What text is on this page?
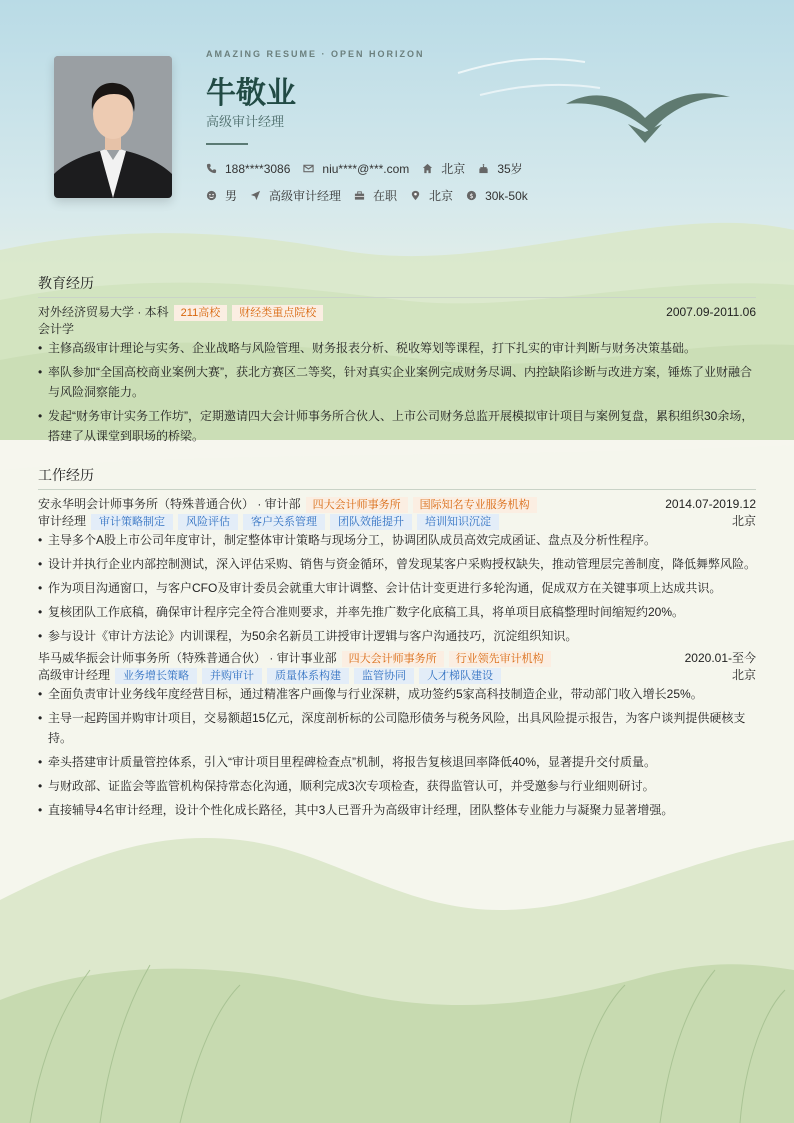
AMAZING RESUME · OPEN HORIZON
牛敬业
高级审计经理
188****3086	niu****@***.com	北京	35岁
男	高级审计经理	在职	北京 $ 30k-50k
教育经历
对外经济贸易大学 · 本科	211高校	财经类重点院校	2007.09-2011.06
会计学
• 主修高级审计理论与实务、企业战略与风险管理、财务报表分析、税收筹划等课程，打下扎实的审计判断与财务决策基础。
• 率队参加“全国高校商业案例大赛”，获北方赛区二等奖，针对真实企业案例完成财务尽调、内控缺陷诊断与改进方案，锤炼了业财融合与风险洞察能力。
• 发起“财务审计实务工作坊”，定期邀请四大会计师事务所合伙人、上市公司财务总监开展模拟审计项目与案例复盘，累积组织30余场，搭建了从课堂到职场的桥梁。
工作经历
安永华明会计师事务所（特殊普通合伙） · 审计部	四大会计师事务所	国际知名专业服务机构	2014.07-2019.12
审计经理	审计策略制定	风险评估	客户关系管理	团队效能提升	培训知识沉淀	北京
• 主导多个A股上市公司年度审计，制定整体审计策略与现场分工，协调团队成员高效完成函证、盘点及分析性程序。
• 设计并执行企业内部控制测试，深入评估采购、销售与资金循环，曾发现某客户采购授权缺失，推动管理层完善制度，降低舞弊风险。
• 作为项目沟通窗口，与客户CFO及审计委员会就重大审计调整、会计估计变更进行多轮沟通，促成双方在关键事项上达成共识。
• 复核团队工作底稿，确保审计程序完全符合准则要求，并率先推广数字化底稿工具，将单项目底稿整理时间缩短约20%。
• 参与设计《审计方法论》内训课程，为50余名新员工讲授审计逻辑与客户沟通技巧，沉淀组织知识。
毕马威华振会计师事务所（特殊普通合伙） · 审计事业部	四大会计师事务所	行业领先审计机构	2020.01-至今
高级审计经理	业务增长策略	并购审计	质量体系构建	监管协同	人才梯队建设	北京
• 全面负责审计业务线年度经营目标，通过精准客户画像与行业深耕，成功签约5家高科技制造企业，带动部门收入增长25%。
• 主导一起跨国并购审计项目，交易额超15亿元，深度剖析标的公司隐形债务与税务风险，出具风险提示报告，为客户谈判提供硬核支持。
• 牵头搭建审计质量管控体系，引入“审计项目里程碑检查点”机制，将报告复核退回率降低40%，显著提升交付质量。
• 与财政部、证监会等监管机构保持常态化沟通，顺利完成3次专项检查，获得监管认可，并受邀参与行业细则研讨。
• 直接辅导4名审计经理，设计个性化成长路径，其中3人已晋升为高级审计经理，团队整体专业能力与凝聚力显著增强。
